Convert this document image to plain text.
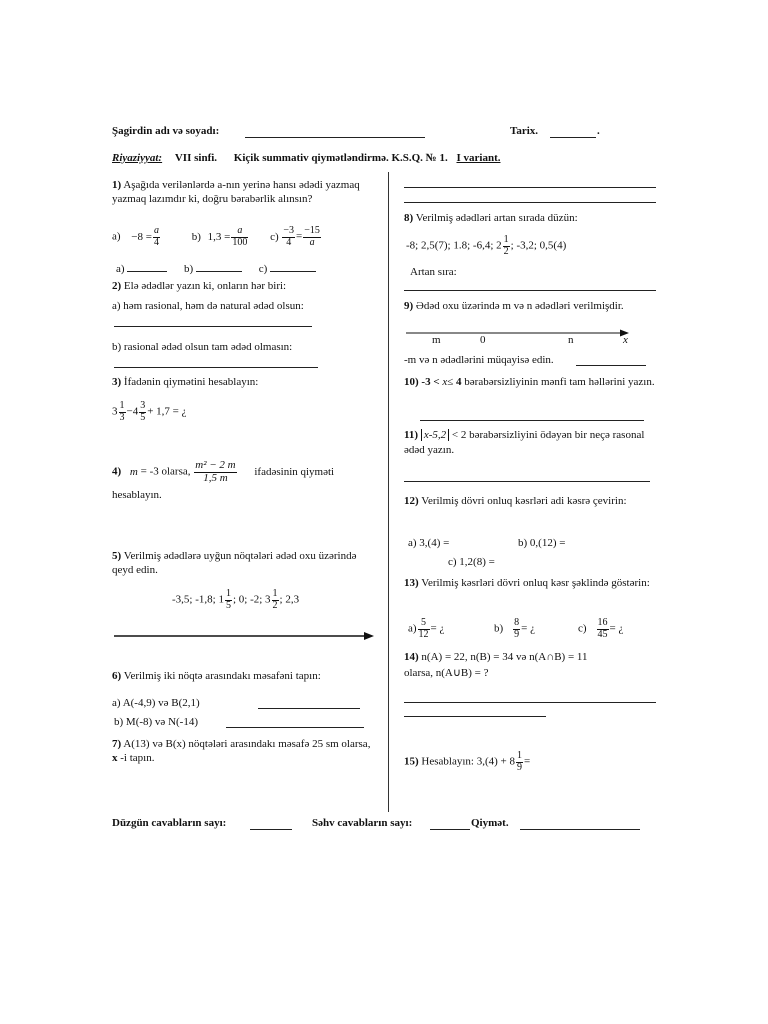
Şagirdin adı və soyadı:	Tarix.	.
Riyaziyyat: VII sinfi. Kiçik summativ qiymətləndirmə. K.S.Q. № 1. I variant.
1) Aşağıda verilənlərdə a-nın yerinə hansı ədədi yazmaq yazmaq lazımdır ki, doğru bərabərlik alınsın?
$a) -8 = \frac{a}{4}$	b) $1,3 = \frac{a}{100} c) \frac{-3}{4} = \frac{-15}{a}$
a)	b)	c)
2) Elə ədədlər yazın ki, onların hər biri:
a) həm rasional, həm də natural ədəd olsun:
b) rasional ədəd olsun tam ədəd olmasın:
3) İfadənin qiymətini hesablayın:
$3 \frac{1}{3} -4 \frac{3}{5} + 1,7$ = ¿
4) m = -3 olarsa, $\frac{\text{m² − 2 m}}{1,5 m}$ ifadəsinin qiyməti
hesablayın.
5) Verilmiş ədədlərə uyğun nöqtələri ədəd oxu üzərində qeyd edin.
-3,5; -1,8; $1 \frac{1}{5}$ ; 0; -2; $3 \frac{1}{2}$ ; 2,3
6) Verilmiş iki nöqtə arasındakı məsafəni tapın:
a) A(-4,9) və B(2,1)
b) M(-8) və N(-14)
7) A(13) və B(x) nöqtələri arasındakı məsafə 25 sm olarsa, x -i tapın.
8) Verilmiş ədədləri artan sırada düzün:
-8; 2,5(7); 1.8; -6,4; $2 \frac{1}{2}$ ; -3,2; 0,5(4)
Artan sıra:
9) Ədəd oxu üzərində m və n ədədləri verilmişdir.
m	0	n	x
-m və n ədədlərini müqayisə edin.
10) -3 < x≤ 4 bərabərsizliyinin mənfi tam həllərini yazın.
11) x-5,2 < 2 bərabərsizliyini ödəyən bir neçə rasonal ədəd yazın.
12) Verilmiş dövri onluq kəsrləri adi kəsrə çevirin:
a) 3,(4) =	b) 0,(12) =
c) 1,2(8) =
13) Verilmiş kəsrləri dövri onluq kəsr şəklində göstərin:
$a) \frac{5}{12}$ = ¿	$b) \frac{8}{9}$ = ¿	$c) \frac{16}{45}$ = ¿
14) n(A) = 22, n(B) = 34 və n(A∩B) = 11
olarsa, n(A∪B) = ?
15) Hesablayın: $3,(4) + 8 \frac{1}{9}$ =
Düzgün cavabların sayı:	Səhv cavabların sayı:	Qiymət.
